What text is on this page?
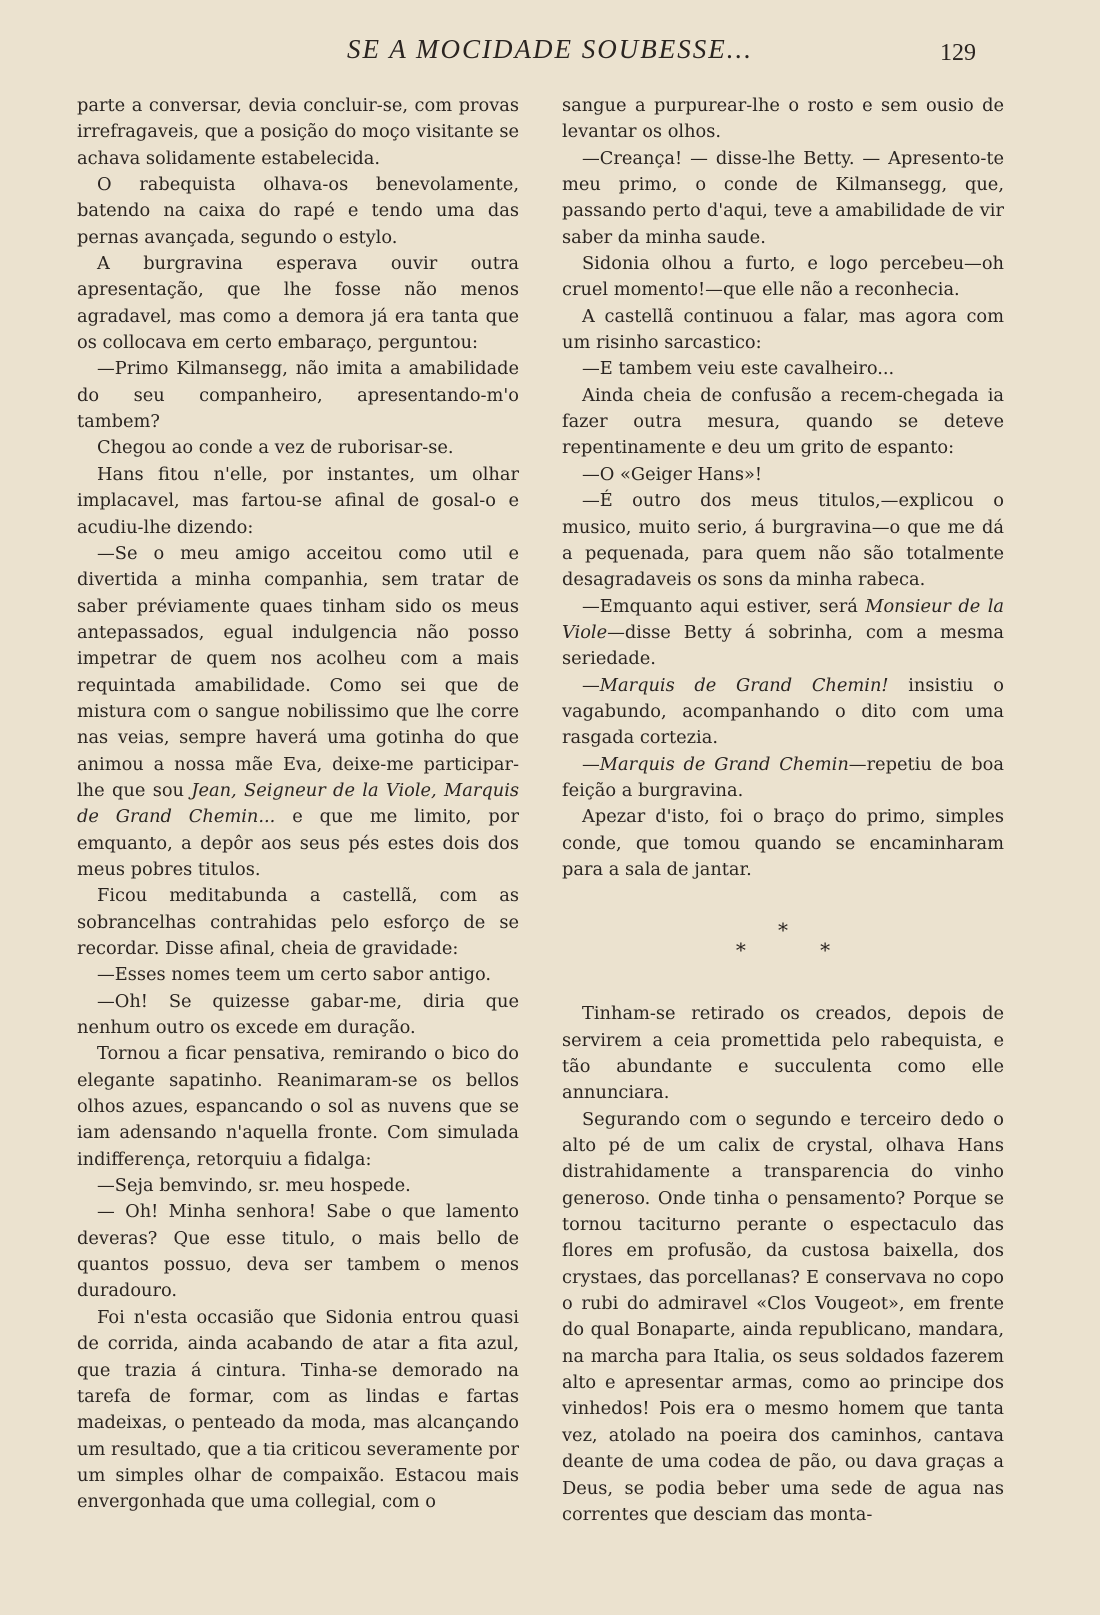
SE A MOCIDADE SOUBESSE...	129

parte a conversar, devia concluir-se, com provas irrefragaveis, que a posição do moço visitante se achava solidamente estabelecida.

O rabequista olhava-os benevolamente, batendo na caixa do rapé e tendo uma das pernas avançada, segundo o estylo.

A burgravina esperava ouvir outra apresentação, que lhe fosse não menos agradavel, mas como a demora já era tanta que os collocava em certo embaraço, perguntou:

—Primo Kilmansegg, não imita a amabilidade do seu companheiro, apresentando-m'o tambem?

Chegou ao conde a vez de ruborisar-se.

Hans fitou n'elle, por instantes, um olhar implacavel, mas fartou-se afinal de gosal-o e acudiu-lhe dizendo:

—Se o meu amigo acceitou como util e divertida a minha companhia, sem tratar de saber préviamente quaes tinham sido os meus antepassados, egual indulgencia não posso impetrar de quem nos acolheu com a mais requintada amabilidade. Como sei que de mistura com o sangue nobilissimo que lhe corre nas veias, sempre haverá uma gotinha do que animou a nossa mãe Eva, deixe-me participar-lhe que sou Jean, Seigneur de la Viole, Marquis de Grand Chemin... e que me limito, por emquanto, a depôr aos seus pés estes dois dos meus pobres titulos.

Ficou meditabunda a castellã, com as sobrancelhas contrahidas pelo esforço de se recordar. Disse afinal, cheia de gravidade:

—Esses nomes teem um certo sabor antigo.

—Oh! Se quizesse gabar-me, diria que nenhum outro os excede em duração.

Tornou a ficar pensativa, remirando o bico do elegante sapatinho. Reanimaram-se os bellos olhos azues, espancando o sol as nuvens que se iam adensando n'aquella fronte. Com simulada indifferença, retorquiu a fidalga:

—Seja bemvindo, sr. meu hospede.

— Oh! Minha senhora! Sabe o que lamento deveras? Que esse titulo, o mais bello de quantos possuo, deva ser tambem o menos duradouro.

Foi n'esta occasião que Sidonia entrou quasi de corrida, ainda acabando de atar a fita azul, que trazia á cintura. Tinha-se demorado na tarefa de formar, com as lindas e fartas madeixas, o penteado da moda, mas alcançando um resultado, que a tia criticou severamente por um simples olhar de compaixão. Estacou mais envergonhada que uma collegial, com o

sangue a purpurear-lhe o rosto e sem ousio de levantar os olhos.

—Creança! — disse-lhe Betty. — Apresento-te meu primo, o conde de Kilmansegg, que, passando perto d'aqui, teve a amabilidade de vir saber da minha saude.

Sidonia olhou a furto, e logo percebeu—oh cruel momento!—que elle não a reconhecia.

A castellã continuou a falar, mas agora com um risinho sarcastico:

—E tambem veiu este cavalheiro...

Ainda cheia de confusão a recem-chegada ia fazer outra mesura, quando se deteve repentinamente e deu um grito de espanto:

—O «Geiger Hans»!

—É outro dos meus titulos,—explicou o musico, muito serio, á burgravina—o que me dá a pequenada, para quem não são totalmente desagradaveis os sons da minha rabeca.

—Emquanto aqui estiver, será Monsieur de la Viole—disse Betty á sobrinha, com a mesma seriedade.

—Marquis de Grand Chemin! insistiu o vagabundo, acompanhando o dito com uma rasgada cortezia.

—Marquis de Grand Chemin—repetiu de boa feição a burgravina.

Apezar d'isto, foi o braço do primo, simples conde, que tomou quando se encaminharam para a sala de jantar.

*
* *

Tinham-se retirado os creados, depois de servirem a ceia promettida pelo rabequista, e tão abundante e succulenta como elle annunciara.

Segurando com o segundo e terceiro dedo o alto pé de um calix de crystal, olhava Hans distrahidamente a transparencia do vinho generoso. Onde tinha o pensamento? Porque se tornou taciturno perante o espectaculo das flores em profusão, da custosa baixella, dos crystaes, das porcellanas? E conservava no copo o rubi do admiravel «Clos Vougeot», em frente do qual Bonaparte, ainda republicano, mandara, na marcha para Italia, os seus soldados fazerem alto e apresentar armas, como ao principe dos vinhedos! Pois era o mesmo homem que tanta vez, atolado na poeira dos caminhos, cantava deante de uma codea de pão, ou dava graças a Deus, se podia beber uma sede de agua nas correntes que desciam das monta-
